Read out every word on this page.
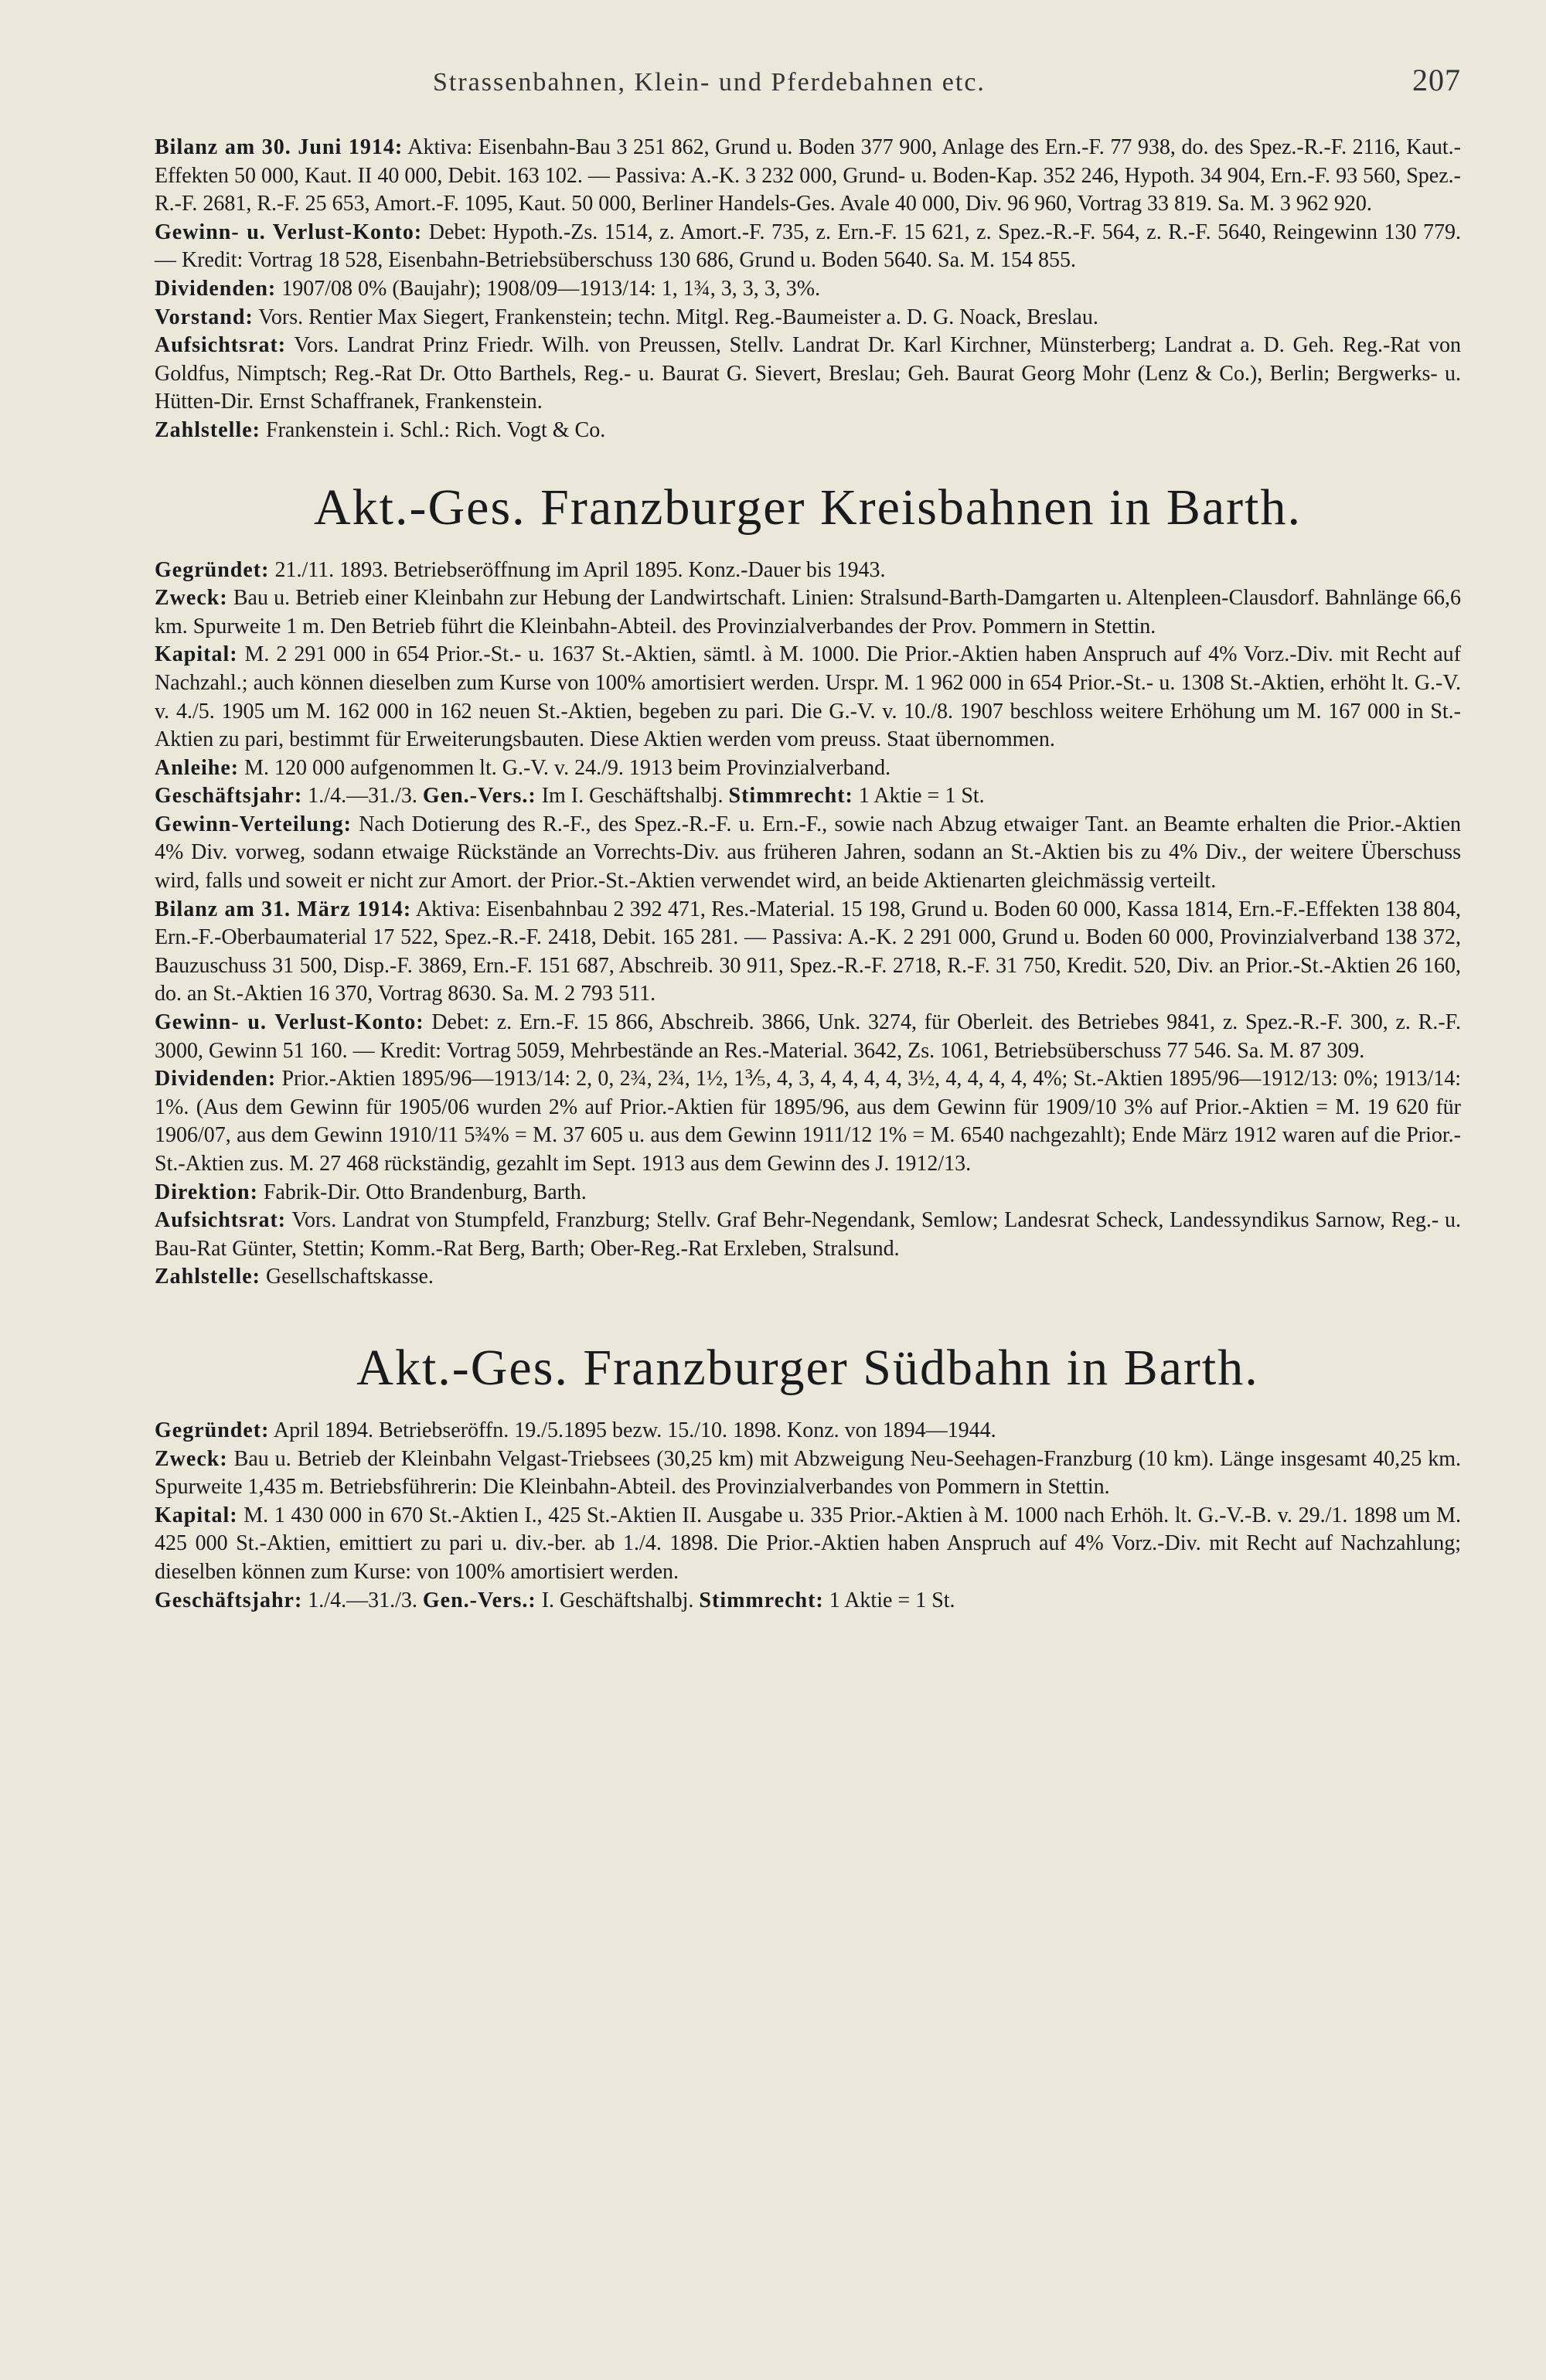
Strassenbahnen, Klein- und Pferdebahnen etc.	207

Bilanz am 30. Juni 1914: Aktiva: Eisenbahn-Bau 3 251 862, Grund u. Boden 377 900, Anlage des Ern.-F. 77 938, do. des Spez.-R.-F. 2116, Kaut.-Effekten 50 000, Kaut. II 40 000, Debit. 163 102. — Passiva: A.-K. 3 232 000, Grund- u. Boden-Kap. 352 246, Hypoth. 34 904, Ern.-F. 93 560, Spez.-R.-F. 2681, R.-F. 25 653, Amort.-F. 1095, Kaut. 50 000, Berliner Handels-Ges. Avale 40 000, Div. 96 960, Vortrag 33 819. Sa. M. 3 962 920.

Gewinn- u. Verlust-Konto: Debet: Hypoth.-Zs. 1514, z. Amort.-F. 735, z. Ern.-F. 15 621, z. Spez.-R.-F. 564, z. R.-F. 5640, Reingewinn 130 779. — Kredit: Vortrag 18 528, Eisenbahn-Betriebsüberschuss 130 686, Grund u. Boden 5640. Sa. M. 154 855.

Dividenden: 1907/08 0% (Baujahr); 1908/09—1913/14: 1, 1¾, 3, 3, 3, 3%.

Vorstand: Vors. Rentier Max Siegert, Frankenstein; techn. Mitgl. Reg.-Baumeister a. D. G. Noack, Breslau.

Aufsichtsrat: Vors. Landrat Prinz Friedr. Wilh. von Preussen, Stellv. Landrat Dr. Karl Kirchner, Münsterberg; Landrat a. D. Geh. Reg.-Rat von Goldfus, Nimptsch; Reg.-Rat Dr. Otto Barthels, Reg.- u. Baurat G. Sievert, Breslau; Geh. Baurat Georg Mohr (Lenz & Co.), Berlin; Bergwerks- u. Hütten-Dir. Ernst Schaffranek, Frankenstein.

Zahlstelle: Frankenstein i. Schl.: Rich. Vogt & Co.

Akt.-Ges. Franzburger Kreisbahnen in Barth.

Gegründet: 21./11. 1893. Betriebseröffnung im April 1895. Konz.-Dauer bis 1943.

Zweck: Bau u. Betrieb einer Kleinbahn zur Hebung der Landwirtschaft. Linien: Stralsund-Barth-Damgarten u. Altenpleen-Clausdorf. Bahnlänge 66,6 km. Spurweite 1 m. Den Betrieb führt die Kleinbahn-Abteil. des Provinzialverbandes der Prov. Pommern in Stettin.

Kapital: M. 2 291 000 in 654 Prior.-St.- u. 1637 St.-Aktien, sämtl. à M. 1000. Die Prior.-Aktien haben Anspruch auf 4% Vorz.-Div. mit Recht auf Nachzahl.; auch können dieselben zum Kurse von 100% amortisiert werden. Urspr. M. 1 962 000 in 654 Prior.-St.- u. 1308 St.-Aktien, erhöht lt. G.-V. v. 4./5. 1905 um M. 162 000 in 162 neuen St.-Aktien, begeben zu pari. Die G.-V. v. 10./8. 1907 beschloss weitere Erhöhung um M. 167 000 in St.-Aktien zu pari, bestimmt für Erweiterungsbauten. Diese Aktien werden vom preuss. Staat übernommen.

Anleihe: M. 120 000 aufgenommen lt. G.-V. v. 24./9. 1913 beim Provinzialverband.

Geschäftsjahr: 1./4.—31./3. Gen.-Vers.: Im I. Geschäftshalbj. Stimmrecht: 1 Aktie = 1 St.

Gewinn-Verteilung: Nach Dotierung des R.-F., des Spez.-R.-F. u. Ern.-F., sowie nach Abzug etwaiger Tant. an Beamte erhalten die Prior.-Aktien 4% Div. vorweg, sodann etwaige Rückstände an Vorrechts-Div. aus früheren Jahren, sodann an St.-Aktien bis zu 4% Div., der weitere Überschuss wird, falls und soweit er nicht zur Amort. der Prior.-St.-Aktien verwendet wird, an beide Aktienarten gleichmässig verteilt.

Bilanz am 31. März 1914: Aktiva: Eisenbahnbau 2 392 471, Res.-Material. 15 198, Grund u. Boden 60 000, Kassa 1814, Ern.-F.-Effekten 138 804, Ern.-F.-Oberbaumaterial 17 522, Spez.-R.-F. 2418, Debit. 165 281. — Passiva: A.-K. 2 291 000, Grund u. Boden 60 000, Provinzialverband 138 372, Bauzuschuss 31 500, Disp.-F. 3869, Ern.-F. 151 687, Abschreib. 30 911, Spez.-R.-F. 2718, R.-F. 31 750, Kredit. 520, Div. an Prior.-St.-Aktien 26 160, do. an St.-Aktien 16 370, Vortrag 8630. Sa. M. 2 793 511.

Gewinn- u. Verlust-Konto: Debet: z. Ern.-F. 15 866, Abschreib. 3866, Unk. 3274, für Oberleit. des Betriebes 9841, z. Spez.-R.-F. 300, z. R.-F. 3000, Gewinn 51 160. — Kredit: Vortrag 5059, Mehrbestände an Res.-Material. 3642, Zs. 1061, Betriebsüberschuss 77 546. Sa. M. 87 309.

Dividenden: Prior.-Aktien 1895/96—1913/14: 2, 0, 2¾, 2¾, 1½, 1⅗, 4, 3, 4, 4, 4, 4, 3½, 4, 4, 4, 4, 4%; St.-Aktien 1895/96—1912/13: 0%; 1913/14: 1%. (Aus dem Gewinn für 1905/06 wurden 2% auf Prior.-Aktien für 1895/96, aus dem Gewinn für 1909/10 3% auf Prior.-Aktien = M. 19 620 für 1906/07, aus dem Gewinn 1910/11 5¾% = M. 37 605 u. aus dem Gewinn 1911/12 1% = M. 6540 nachgezahlt); Ende März 1912 waren auf die Prior.-St.-Aktien zus. M. 27 468 rückständig, gezahlt im Sept. 1913 aus dem Gewinn des J. 1912/13.

Direktion: Fabrik-Dir. Otto Brandenburg, Barth.

Aufsichtsrat: Vors. Landrat von Stumpfeld, Franzburg; Stellv. Graf Behr-Negendank, Semlow; Landesrat Scheck, Landessyndikus Sarnow, Reg.- u. Bau-Rat Günter, Stettin; Komm.-Rat Berg, Barth; Ober-Reg.-Rat Erxleben, Stralsund.

Zahlstelle: Gesellschaftskasse.

Akt.-Ges. Franzburger Südbahn in Barth.

Gegründet: April 1894. Betriebseröffn. 19./5.1895 bezw. 15./10. 1898. Konz. von 1894—1944.

Zweck: Bau u. Betrieb der Kleinbahn Velgast-Triebsees (30,25 km) mit Abzweigung Neu-Seehagen-Franzburg (10 km). Länge insgesamt 40,25 km. Spurweite 1,435 m. Betriebsführerin: Die Kleinbahn-Abteil. des Provinzialverbandes von Pommern in Stettin.

Kapital: M. 1 430 000 in 670 St.-Aktien I., 425 St.-Aktien II. Ausgabe u. 335 Prior.-Aktien à M. 1000 nach Erhöh. lt. G.-V.-B. v. 29./1. 1898 um M. 425 000 St.-Aktien, emittiert zu pari u. div.-ber. ab 1./4. 1898. Die Prior.-Aktien haben Anspruch auf 4% Vorz.-Div. mit Recht auf Nachzahlung; dieselben können zum Kurse: von 100% amortisiert werden.

Geschäftsjahr: 1./4.—31./3. Gen.-Vers.: I. Geschäftshalbj. Stimmrecht: 1 Aktie = 1 St.
